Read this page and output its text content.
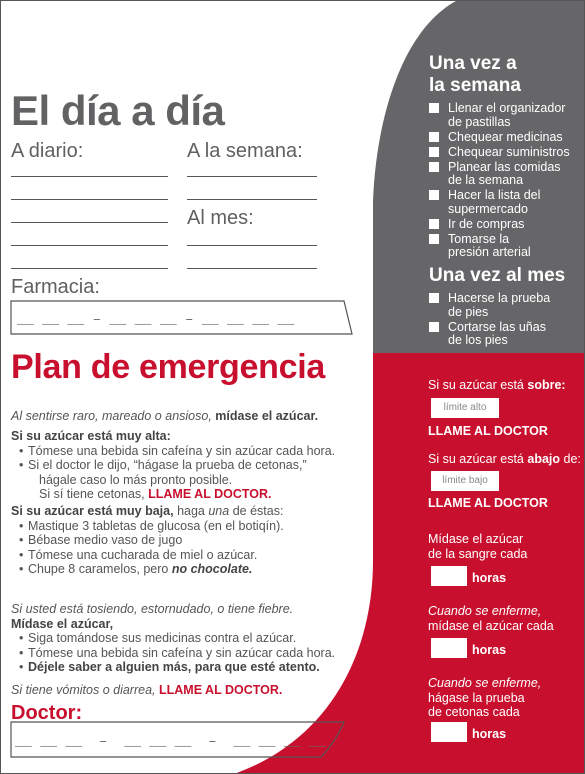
El día a día
A diario:	A la semana:
Al mes:
Farmacia:
__ __ __ – __ __ __ – __ __ __ __
Una vez a
la semana
Llenar el organizador
de pastillas
Chequear medicinas
Chequear suministros
Planear las comidas
de la semana
Hacer la lista del
supermercado
Ir de compras
Tomarse la
presión arterial
Una vez al mes
Hacerse la prueba
de pies
Cortarse las uñas
de los pies
Plan de emergencia
Al sentirse raro, mareado o ansioso, mídase el azúcar.
Si su azúcar está muy alta:
• Tómese una bebida sin cafeína y sin azúcar cada hora.
• Si el doctor le dijo, “hágase la prueba de cetonas,”
hágale caso lo más pronto posible.
Si sí tiene cetonas, LLAME AL DOCTOR.
Si su azúcar está muy baja, haga una de éstas:
• Mastique 3 tabletas de glucosa (en el botiqín).
• Bébase medio vaso de jugo
• Tómese una cucharada de miel o azúcar.
• Chupe 8 caramelos, pero no chocolate.
Si usted está tosiendo, estornudado, o tiene fiebre.
Mídase el azúcar,
• Siga tomándose sus medicinas contra el azúcar.
• Tómese una bebida sin cafeína y sin azúcar cada hora.
• Déjele saber a alguien más, para que esté atento.
Si tiene vómitos o diarrea, LLAME AL DOCTOR.
Doctor:
__ __ __  –  __ __ __  –  __ __ __ __
Si su azúcar está sobre:
límite alto
LLAME AL DOCTOR
Si su azúcar está abajo de:
límite bajo
LLAME AL DOCTOR
Mídase el azúcar
de la sangre cada
horas
Cuando se enferme,
mídase el azúcar cada
horas
Cuando se enferme,
hágase la prueba
de cetonas cada
horas
